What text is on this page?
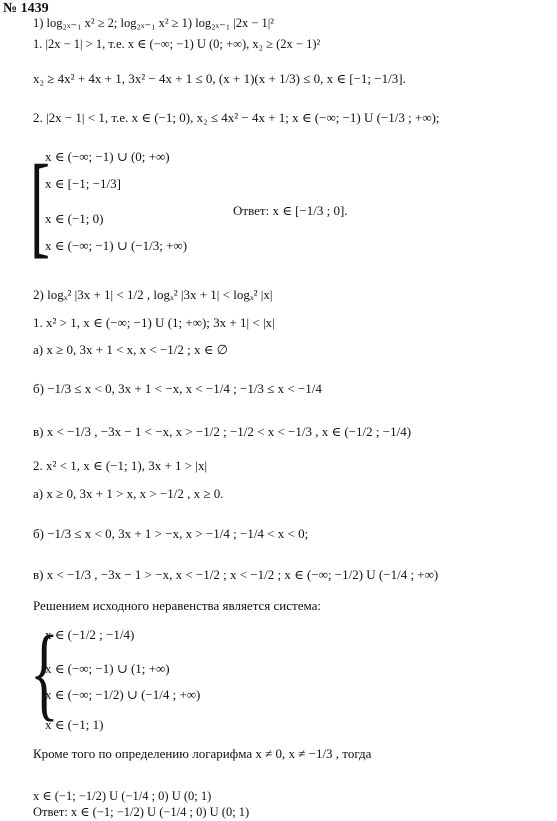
№ 1439
1) log₂ₓ₋₁ x² ≥ 2; log₂ₓ₋₁ x² ≥ 1) log₂ₓ₋₁ |2x − 1|²
1. |2x − 1| > 1, т.е. x ∈ (−∞; −1) U (0; +∞), x₂ ≥ (2x − 1)²
x₂ ≥ 4x² + 4x + 1, 3x² − 4x + 1 ≤ 0, (x + 1)(x + 1/3) ≤ 0, x ∈ [−1; −1/3].
2. |2x − 1| < 1, т.е. x ∈ (−1; 0), x₂ ≤ 4x² − 4x + 1; x ∈ (−∞; −1) U (−1/3 ; +∞);
[
x ∈ (−∞; −1) ∪ (0; +∞)
x ∈ [−1; −1/3]
x ∈ (−1; 0)
x ∈ (−∞; −1) ∪ (−1/3; +∞)
Ответ: x ∈ [−1/3 ; 0].
2) logₓ² |3x + 1| < 1/2 , logₓ² |3x + 1| < logₓ² |x|
1. x² > 1, x ∈ (−∞; −1) U (1; +∞); 3x + 1| < |x|
а) x ≥ 0, 3x + 1 < x, x < −1/2 ; x ∈ ∅
б) −1/3 ≤ x < 0, 3x + 1 < −x, x < −1/4 ; −1/3 ≤ x < −1/4
в) x < −1/3 , −3x − 1 < −x, x > −1/2 ; −1/2 < x < −1/3 , x ∈ (−1/2 ; −1/4)
2. x² < 1, x ∈ (−1; 1), 3x + 1 > |x|
а) x ≥ 0, 3x + 1 > x, x > −1/2 , x ≥ 0.
б) −1/3 ≤ x < 0, 3x + 1 > −x, x > −1/4 ; −1/4 < x < 0;
в) x < −1/3 , −3x − 1 > −x, x < −1/2 ; x < −1/2 ; x ∈ (−∞; −1/2) U (−1/4 ; +∞)
Решением исходного неравенства является система:
{
x ∈ (−1/2 ; −1/4)
x ∈ (−∞; −1) ∪ (1; +∞)
x ∈ (−∞; −1/2) ∪ (−1/4 ; +∞)
x ∈ (−1; 1)
Кроме того по определению логарифма x ≠ 0, x ≠ −1/3 , тогда
x ∈ (−1; −1/2) U (−1/4 ; 0) U (0; 1)
Ответ: x ∈ (−1; −1/2) U (−1/4 ; 0) U (0; 1)
